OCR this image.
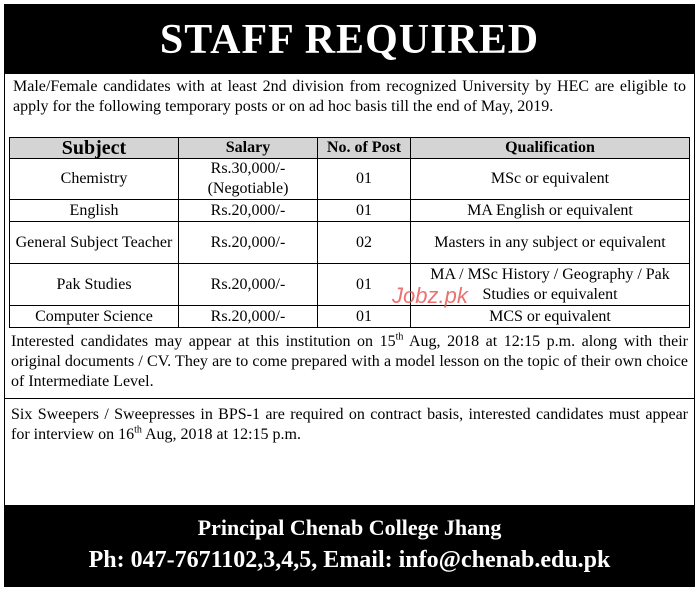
STAFF REQUIRED
Male/Female candidates with at least 2nd division from recognized University by HEC are eligible to apply for the following temporary posts or on ad hoc basis till the end of May, 2019.
Subject	Salary	No. of Post	Qualification
Chemistry	Rs.30,000/- (Negotiable)	01	MSc or equivalent
English	Rs.20,000/-	01	MA English or equivalent
General Subject Teacher	Rs.20,000/-	02	Masters in any subject or equivalent
Pak Studies	Rs.20,000/-	01	MA / MSc History / Geography / Pak Studies or equivalent
Computer Science	Rs.20,000/-	01	MCS or equivalent
Interested candidates may appear at this institution on 15th Aug, 2018 at 12:15 p.m. along with their original documents / CV. They are to come prepared with a model lesson on the topic of their own choice of Intermediate Level.
Six Sweepers / Sweepresses in BPS-1 are required on contract basis, interested candidates must appear for interview on 16th Aug, 2018 at 12:15 p.m.
Principal Chenab College Jhang
Ph: 047-7671102,3,4,5, Email: info@chenab.edu.pk
Jobz.pk
